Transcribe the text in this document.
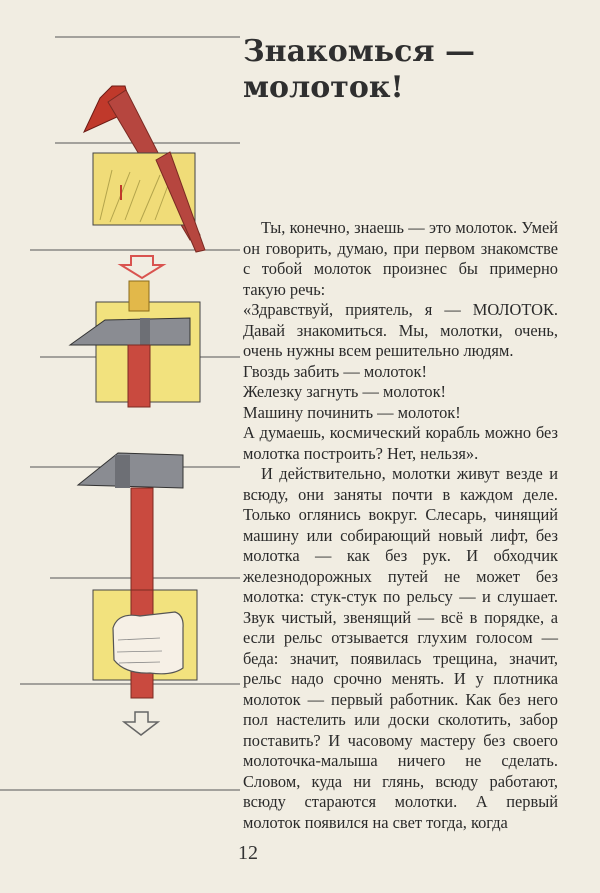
Знакомься —
молоток!

Ты, конечно, знаешь — это молоток. Умей он говорить, думаю, при первом знакомстве с тобой молоток произнес бы примерно такую речь:

«Здравствуй, приятель, я — МОЛОТОК. Давай знакомиться. Мы, молотки, очень, очень нужны всем решительно людям.

Гвоздь забить — молоток!

Железку загнуть — молоток!

Машину починить — молоток!

А думаешь, космический корабль можно без молотка построить? Нет, нельзя».

И действительно, молотки живут везде и всюду, они заняты почти в каждом деле. Только оглянись вокруг. Слесарь, чинящий машину или собирающий новый лифт, без молотка — как без рук. И обходчик железнодорожных путей не может без молотка: стук-стук по рельсу — и слушает. Звук чистый, звенящий — всё в порядке, а если рельс отзывается глухим голосом — беда: значит, появилась трещина, значит, рельс надо срочно менять. И у плотника молоток — первый работник. Как без него пол настелить или доски сколотить, забор поставить? И часовому мастеру без своего молоточка-малыша ничего не сделать. Словом, куда ни глянь, всюду работают, всюду стараются молотки. А первый молоток появился на свет тогда, когда

12
